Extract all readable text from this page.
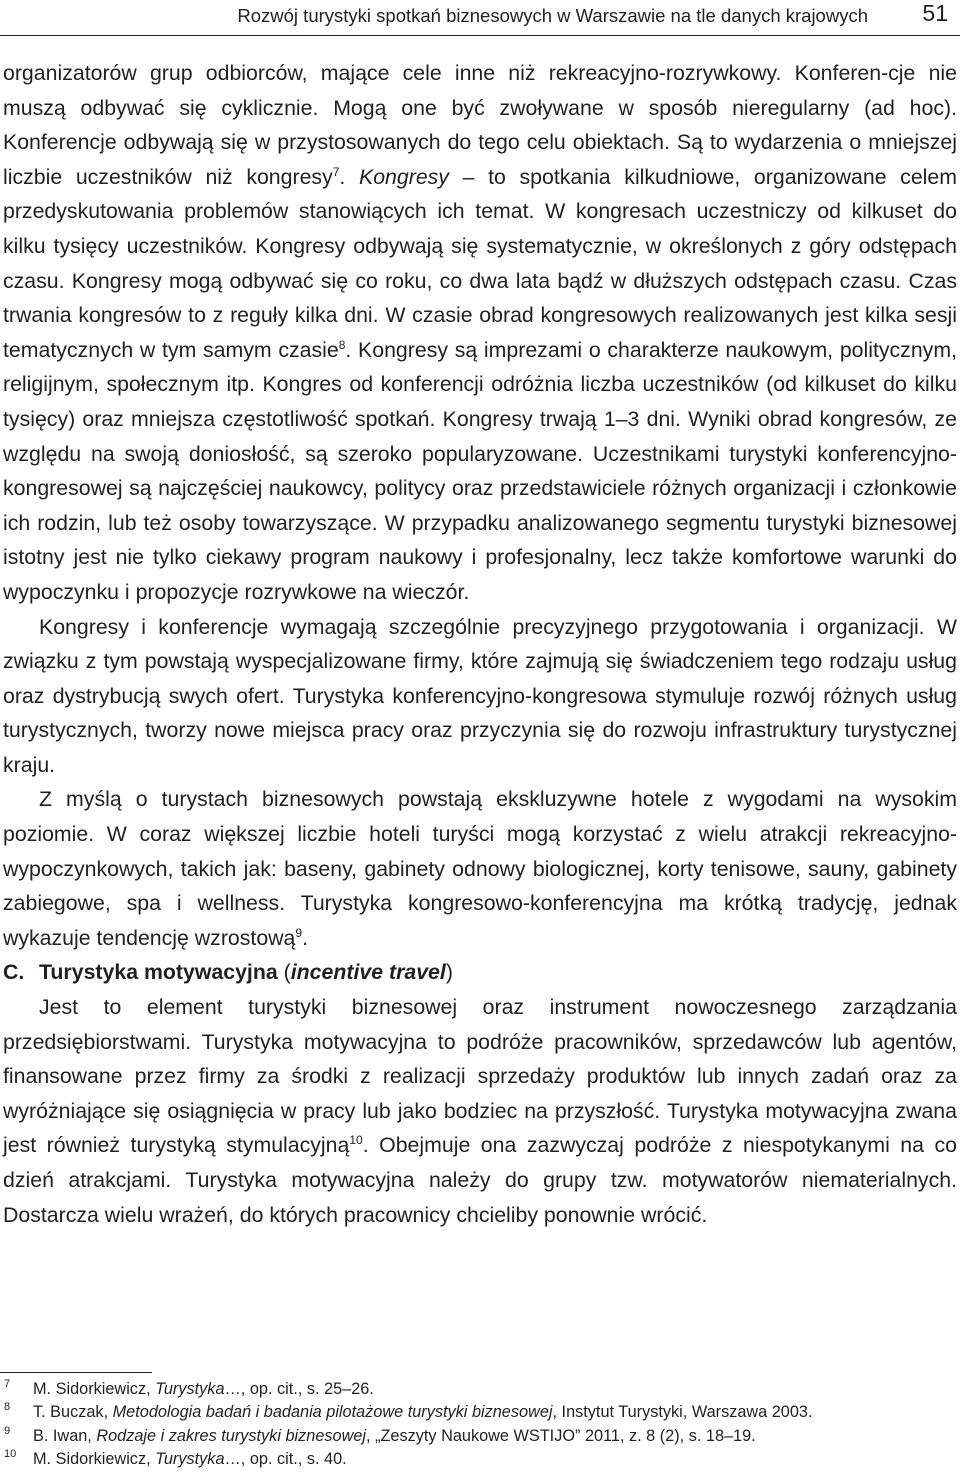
Rozwój turystyki spotkań biznesowych w Warszawie na tle danych krajowych 51

organizatorów grup odbiorców, mające cele inne niż rekreacyjno-rozrywkowy. Konferen-cje nie muszą odbywać się cyklicznie. Mogą one być zwoływane w sposób nieregularny (ad hoc). Konferencje odbywają się w przystosowanych do tego celu obiektach. Są to wydarzenia o mniejszej liczbie uczestników niż kongresy$^7$. Kongresy – to spotkania kilkudniowe, organizowane celem przedyskutowania problemów stanowiących ich temat. W kongresach uczestniczy od kilkuset do kilku tysięcy uczestników. Kongresy odbywają się systematycznie, w określonych z góry odstępach czasu. Kongresy mogą odbywać się co roku, co dwa lata bądź w dłuższych odstępach czasu. Czas trwania kongresów to z reguły kilka dni. W czasie obrad kongresowych realizowanych jest kilka sesji tematycznych w tym samym czasie$^8$. Kongresy są imprezami o charakterze naukowym, politycznym, religijnym, społecznym itp. Kongres od konferencji odróżnia liczba uczestników (od kilkuset do kilku tysięcy) oraz mniejsza częstotliwość spotkań. Kongresy trwają 1–3 dni. Wyniki obrad kongresów, ze względu na swoją doniosłość, są szeroko popularyzowane. Uczestnikami turystyki konferencyjno-kongresowej są najczęściej naukowcy, politycy oraz przedstawiciele różnych organizacji i członkowie ich rodzin, lub też osoby towarzyszące. W przypadku analizowanego segmentu turystyki biznesowej istotny jest nie tylko ciekawy program naukowy i profesjonalny, lecz także komfortowe warunki do wypoczynku i propozycje rozrywkowe na wieczór.

Kongresy i konferencje wymagają szczególnie precyzyjnego przygotowania i organizacji. W związku z tym powstają wyspecjalizowane firmy, które zajmują się świadczeniem tego rodzaju usług oraz dystrybucją swych ofert. Turystyka konferencyjno-kongresowa stymuluje rozwój różnych usług turystycznych, tworzy nowe miejsca pracy oraz przyczynia się do rozwoju infrastruktury turystycznej kraju.

Z myślą o turystach biznesowych powstają ekskluzywne hotele z wygodami na wysokim poziomie. W coraz większej liczbie hoteli turyści mogą korzystać z wielu atrakcji rekreacyjno-wypoczynkowych, takich jak: baseny, gabinety odnowy biologicznej, korty tenisowe, sauny, gabinety zabiegowe, spa i wellness. Turystyka kongresowo-konferencyjna ma krótką tradycję, jednak wykazuje tendencję wzrostową$^9$.

C. Turystyka motywacyjna (incentive travel)

Jest to element turystyki biznesowej oraz instrument nowoczesnego zarządzania przedsiębiorstwami. Turystyka motywacyjna to podróże pracowników, sprzedawców lub agentów, finansowane przez firmy za środki z realizacji sprzedaży produktów lub innych zadań oraz za wyróżniające się osiągnięcia w pracy lub jako bodziec na przyszłość. Turystyka motywacyjna zwana jest również turystyką stymulacyjną$^{10}$. Obejmuje ona zazwyczaj podróże z niespotykanymi na co dzień atrakcjami. Turystyka motywacyjna należy do grupy tzw. motywatorów niematerialnych. Dostarcza wielu wrażeń, do których pracownicy chcieliby ponownie wrócić.

7 M. Sidorkiewicz, Turystyka…, op. cit., s. 25–26.
8 T. Buczak, Metodologia badań i badania pilotażowe turystyki biznesowej, Instytut Turystyki, Warszawa 2003.
9 B. Iwan, Rodzaje i zakres turystyki biznesowej, „Zeszyty Naukowe WSTIJO” 2011, z. 8 (2), s. 18–19.
10 M. Sidorkiewicz, Turystyka…, op. cit., s. 40.
